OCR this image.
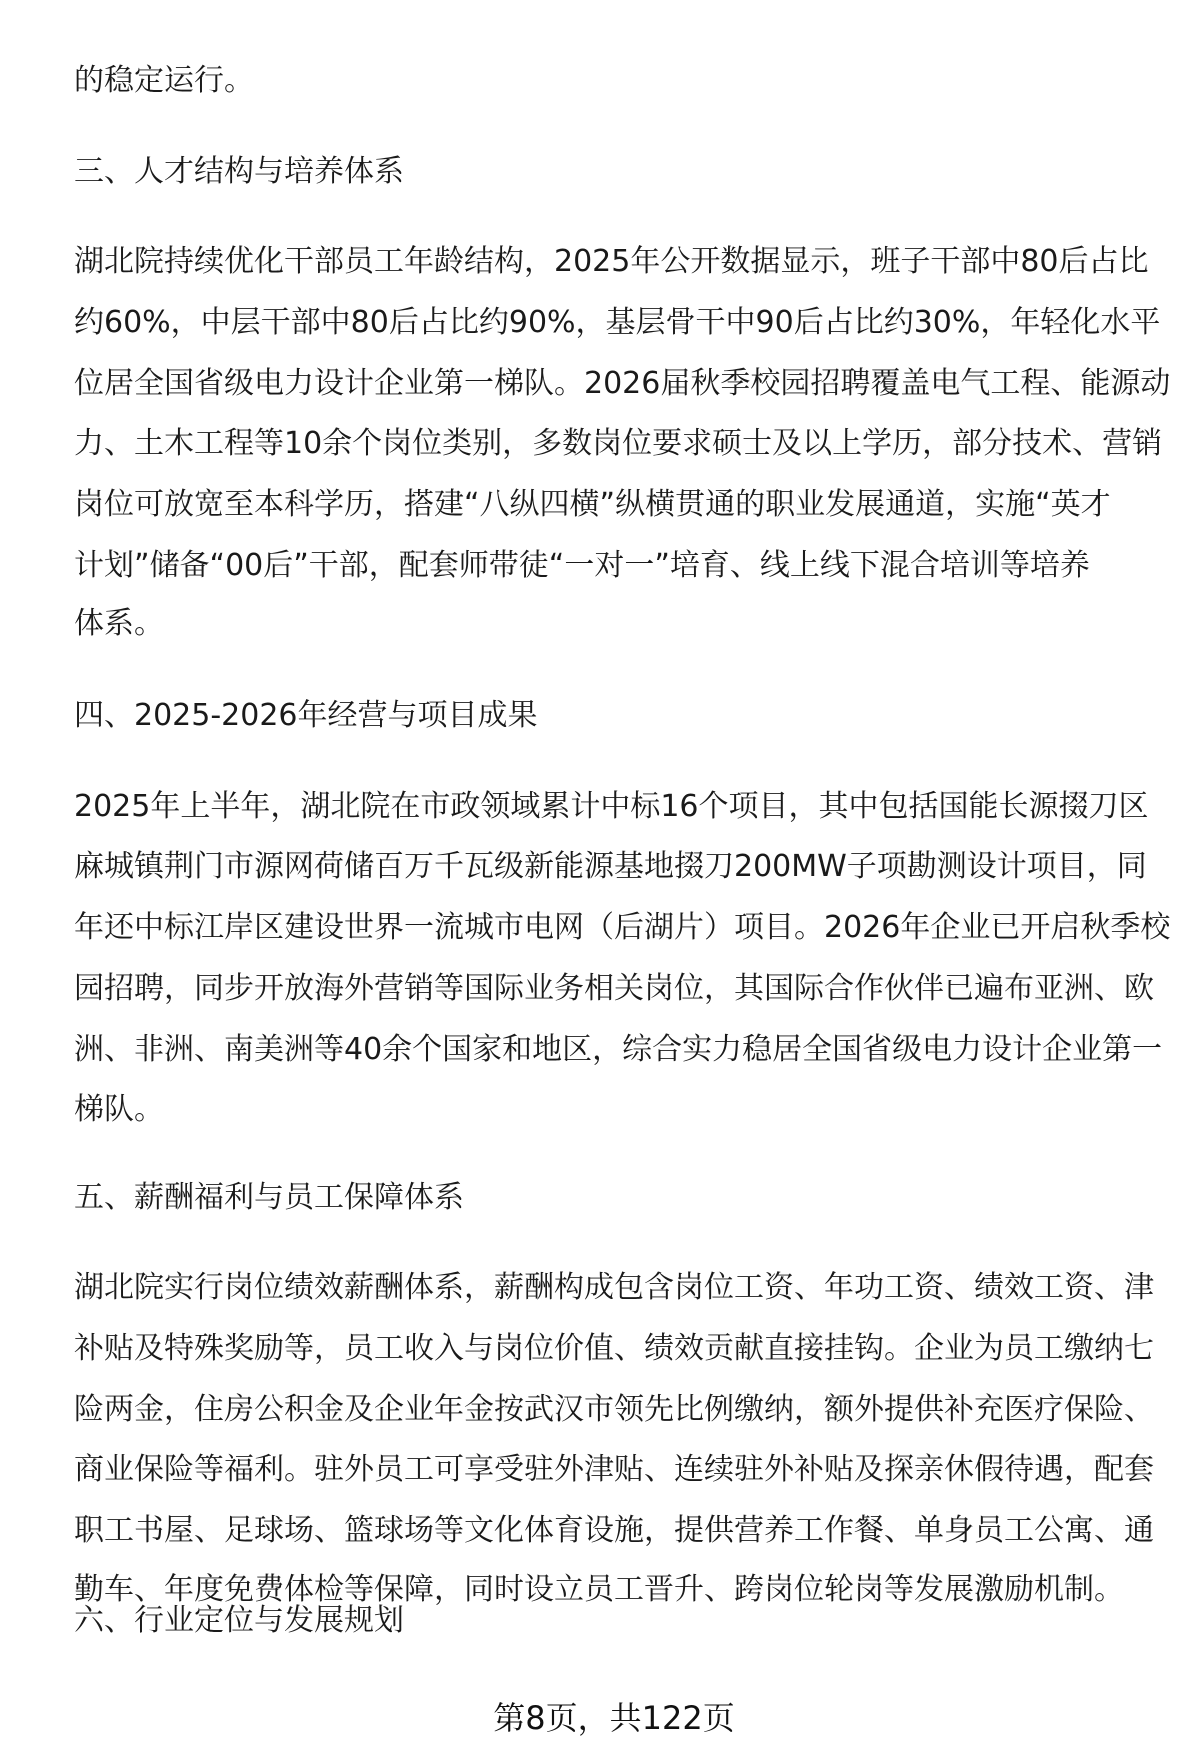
的稳定运行。
三、人才结构与培养体系
湖北院持续优化干部员工年龄结构，2025年公开数据显示，班子干部中80后占比
约60%，中层干部中80后占比约90%，基层骨干中90后占比约30%，年轻化水平
位居全国省级电力设计企业第一梯队。2026届秋季校园招聘覆盖电气工程、能源动
力、土木工程等10余个岗位类别，多数岗位要求硕士及以上学历，部分技术、营销
岗位可放宽至本科学历，搭建“八纵四横”纵横贯通的职业发展通道，实施“英才
计划”储备“00后”干部，配套师带徒“一对一”培育、线上线下混合培训等培养
体系。
四、2025-2026年经营与项目成果
2025年上半年，湖北院在市政领域累计中标16个项目，其中包括国能长源掇刀区
麻城镇荆门市源网荷储百万千瓦级新能源基地掇刀200MW子项勘测设计项目，同
年还中标江岸区建设世界一流城市电网（后湖片）项目。2026年企业已开启秋季校
园招聘，同步开放海外营销等国际业务相关岗位，其国际合作伙伴已遍布亚洲、欧
洲、非洲、南美洲等40余个国家和地区，综合实力稳居全国省级电力设计企业第一
梯队。
五、薪酬福利与员工保障体系
湖北院实行岗位绩效薪酬体系，薪酬构成包含岗位工资、年功工资、绩效工资、津
补贴及特殊奖励等，员工收入与岗位价值、绩效贡献直接挂钩。企业为员工缴纳七
险两金，住房公积金及企业年金按武汉市领先比例缴纳，额外提供补充医疗保险、
商业保险等福利。驻外员工可享受驻外津贴、连续驻外补贴及探亲休假待遇，配套
职工书屋、足球场、篮球场等文化体育设施，提供营养工作餐、单身员工公寓、通
勤车、年度免费体检等保障，同时设立员工晋升、跨岗位轮岗等发展激励机制。
六、行业定位与发展规划
第8页，共122页
